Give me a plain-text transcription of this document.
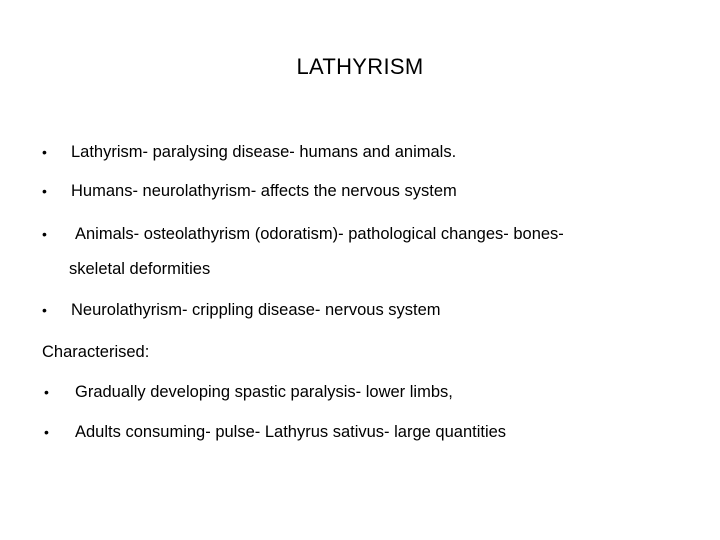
LATHYRISM
• Lathyrism- paralysing disease- humans and animals.
• Humans- neurolathyrism- affects the nervous system
• Animals- osteolathyrism (odoratism)- pathological changes- bones-
skeletal deformities
• Neurolathyrism- crippling disease- nervous system
Characterised:
• Gradually developing spastic paralysis- lower limbs,
• Adults consuming- pulse- Lathyrus sativus- large quantities
